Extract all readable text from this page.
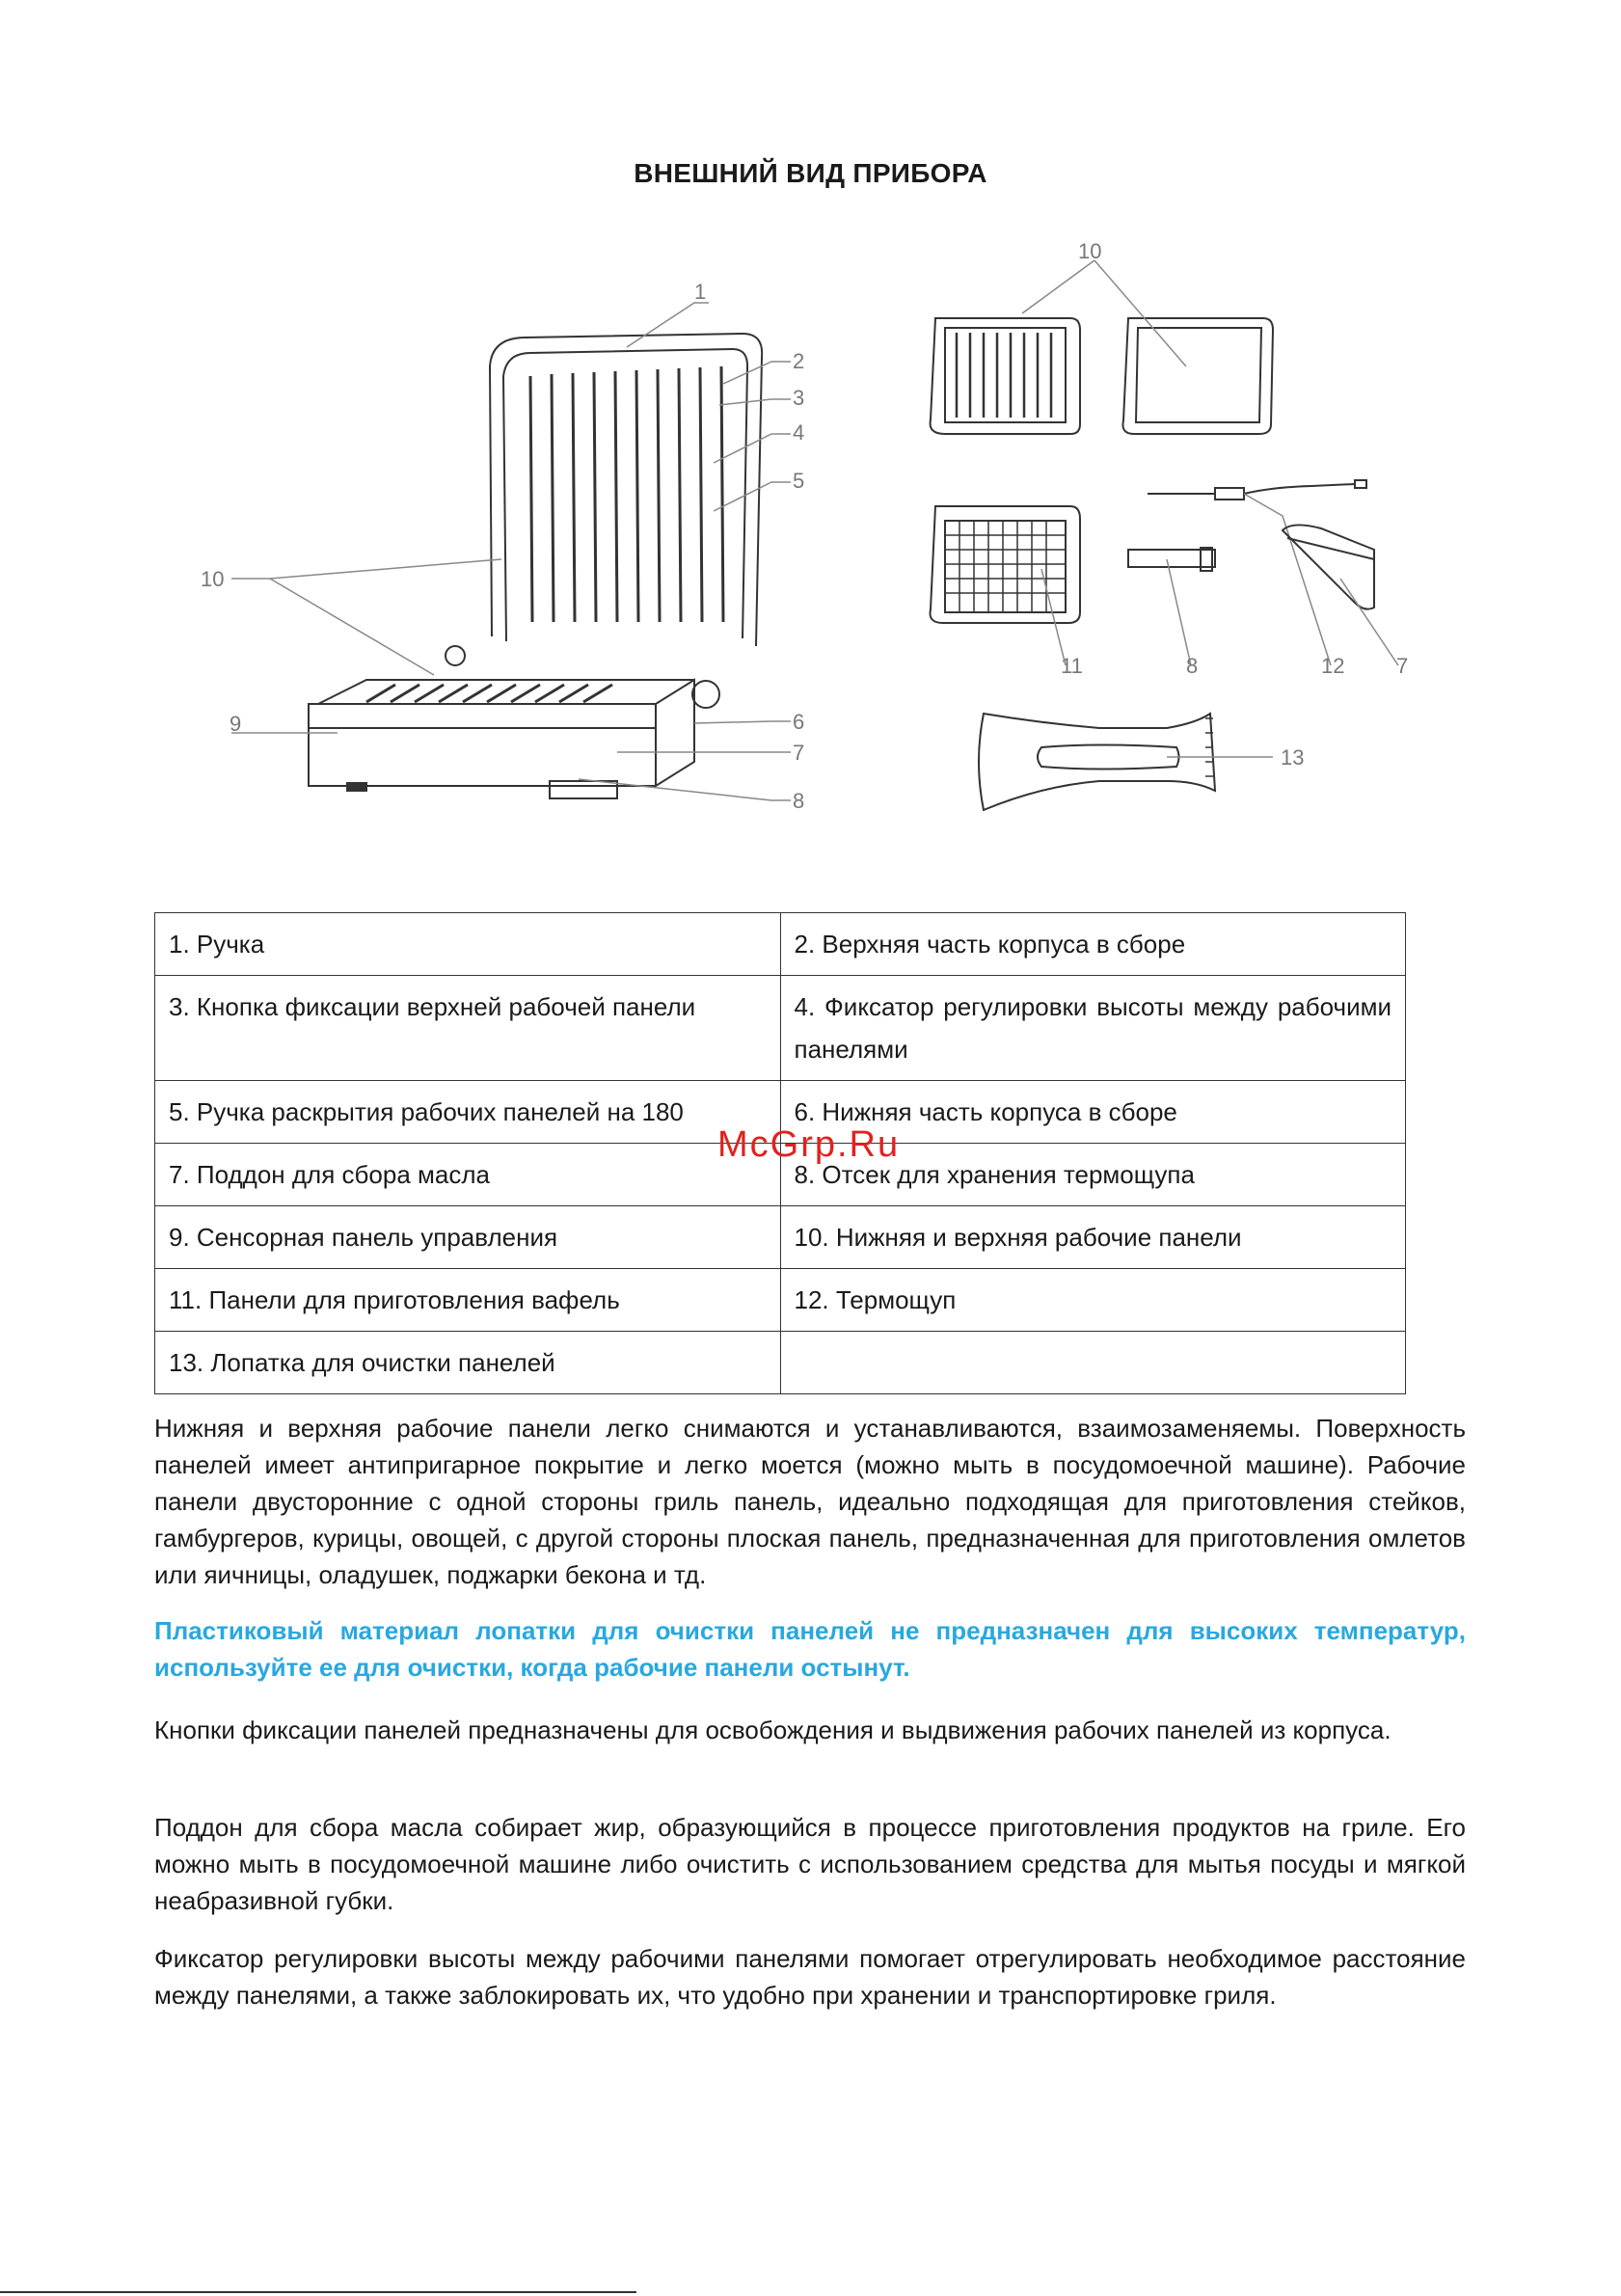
ВНЕШНИЙ ВИД ПРИБОРА
1
2
3
4
5
6
7
8
9
10
10
11	8	12 7
13
1. Ручка	2. Верхняя часть корпуса в сборе
3. Кнопка фиксации верхней рабочей панели	4. Фиксатор регулировки высоты между рабочими панелями
5. Ручка раскрытия рабочих панелей на 180	6. Нижняя часть корпуса в сборе
7. Поддон для сбора масла	8. Отсек для хранения термощупа
9. Сенсорная панель управления	10. Нижняя и верхняя рабочие панели
11. Панели для приготовления вафель	12. Термощуп
13. Лопатка для очистки панелей	
McGrp.Ru

Нижняя и верхняя рабочие панели легко снимаются и устанавливаются, взаимозаменяемы. Поверхность панелей имеет антипригарное покрытие и легко моется (можно мыть в посудомоечной машине). Рабочие панели двусторонние с одной стороны гриль панель, идеально подходящая для приготовления стейков, гамбургеров, курицы, овощей, с другой стороны плоская панель, предназначенная для приготовления омлетов или яичницы, оладушек, поджарки бекона и тд.

Пластиковый материал лопатки для очистки панелей не предназначен для высоких температур, используйте ее для очистки, когда рабочие панели остынут.

Кнопки фиксации панелей предназначены для освобождения и выдвижения рабочих панелей из корпуса.

Поддон для сбора масла собирает жир, образующийся в процессе приготовления продуктов на гриле. Его можно мыть в посудомоечной машине либо очистить с использованием средства для мытья посуды и мягкой неабразивной губки.

Фиксатор регулировки высоты между рабочими панелями помогает отрегулировать необходимое расстояние между панелями, а также заблокировать их, что удобно при хранении и транспортировке гриля.
